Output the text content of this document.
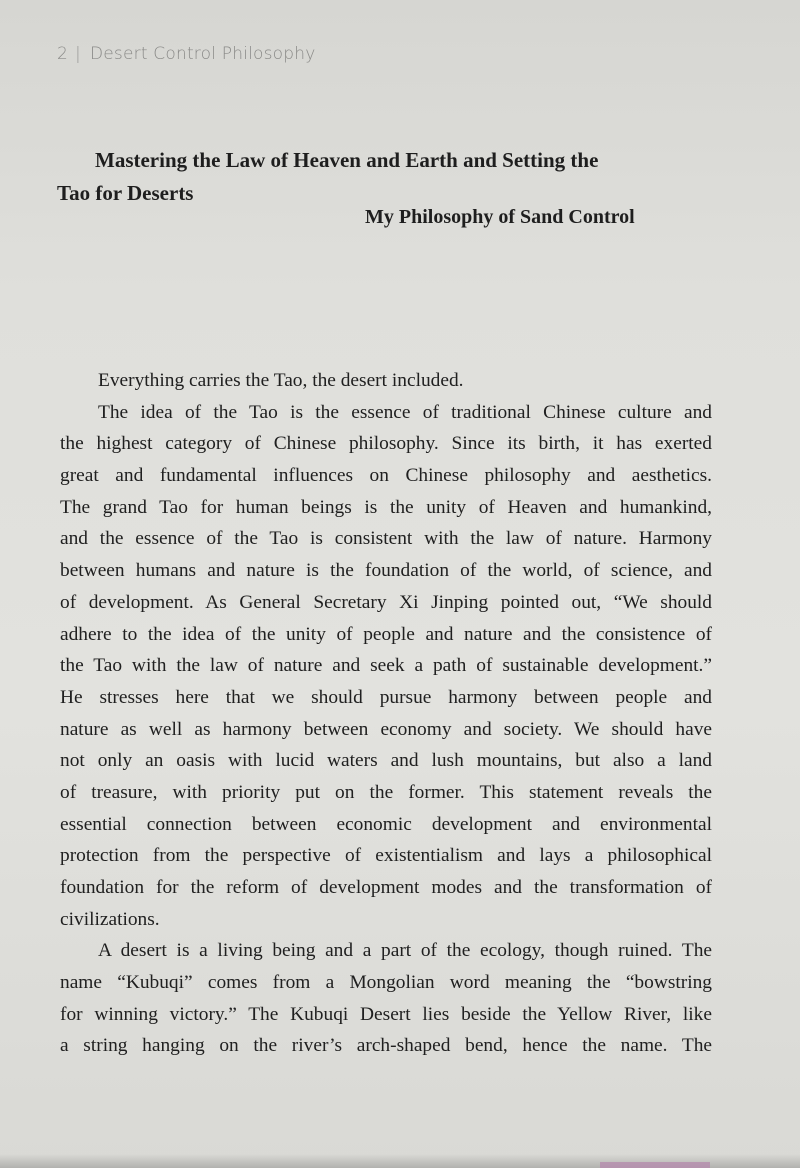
2 | Desert Control Philosophy
Mastering the Law of Heaven and Earth and Setting the
Tao for Deserts
My Philosophy of Sand Control
Everything carries the Tao, the desert included.
The idea of the Tao is the essence of traditional Chinese culture and
the highest category of Chinese philosophy. Since its birth, it has exerted
great and fundamental influences on Chinese philosophy and aesthetics.
The grand Tao for human beings is the unity of Heaven and humankind,
and the essence of the Tao is consistent with the law of nature. Harmony
between humans and nature is the foundation of the world, of science, and
of development. As General Secretary Xi Jinping pointed out, “We should
adhere to the idea of the unity of people and nature and the consistence of
the Tao with the law of nature and seek a path of sustainable development.”
He stresses here that we should pursue harmony between people and
nature as well as harmony between economy and society. We should have
not only an oasis with lucid waters and lush mountains, but also a land
of treasure, with priority put on the former. This statement reveals the
essential connection between economic development and environmental
protection from the perspective of existentialism and lays a philosophical
foundation for the reform of development modes and the transformation of
civilizations.
A desert is a living being and a part of the ecology, though ruined. The
name “Kubuqi” comes from a Mongolian word meaning the “bowstring
for winning victory.” The Kubuqi Desert lies beside the Yellow River, like
a string hanging on the river’s arch-shaped bend, hence the name. The
